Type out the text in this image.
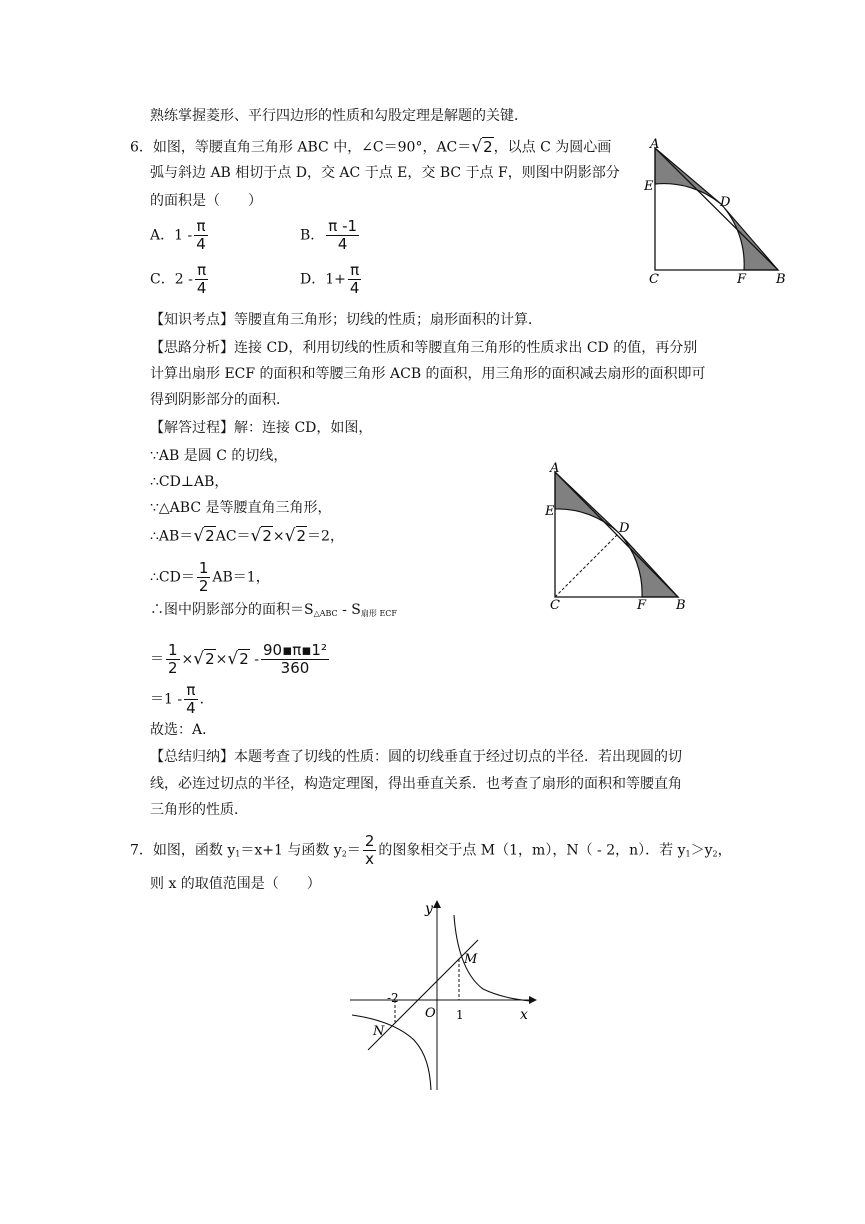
熟练掌握菱形、平行四边形的性质和勾股定理是解题的关键．
6．如图，等腰直角三角形 ABC 中，∠C＝90°，AC＝√2，以点 C 为圆心画
弧与斜边 AB 相切于点 D，交 AC 于点 E，交 BC 于点 F，则图中阴影部分
的面积是（　　）
A．$1 - \frac{\pi}{4}$	B． $\frac{\pi -1}{4}$
C．$2 - \frac{\pi}{4}$	D．$1+ \frac{\pi}{4}$
A
E
D
C	F B
【知识考点】等腰直角三角形；切线的性质；扇形面积的计算．
【思路分析】连接 CD，利用切线的性质和等腰直角三角形的性质求出 CD 的值，再分别
计算出扇形 ECF 的面积和等腰三角形 ACB 的面积，用三角形的面积减去扇形的面积即可
得到阴影部分的面积．
【解答过程】解：连接 CD，如图，
∵AB 是圆 C 的切线，
∴CD⊥AB，
∵△ABC 是等腰直角三角形，
∴AB＝√2AC＝√2×√2＝2，
∴CD＝ $\frac{1}{2} AB=1$，
∴图中阴影部分的面积$=S_{\triangle ABC} - S$扇形 ECF
＝ $\frac{1}{2} \times√2\times√2 - \frac{\text{90▪π▪1²}}{360}$
$=1 - \frac{\pi}{4}$ ．
故选：A．
A
E
D
C	F B
【总结归纳】本题考查了切线的性质：圆的切线垂直于经过切点的半径．若出现圆的切
线，必连过切点的半径，构造定理图，得出垂直关系．也考查了扇形的面积和等腰直角
三角形的性质．
7．如图，函数 $y_1=x+1$ 与函数 $y_2= \frac{2}{x}$ 的图象相交于点 M（1，m），N（ - 2，n）．若 $y_1>y_2$，
则 x 的取值范围是（　　）
y
x
O
-2
1
M
N
